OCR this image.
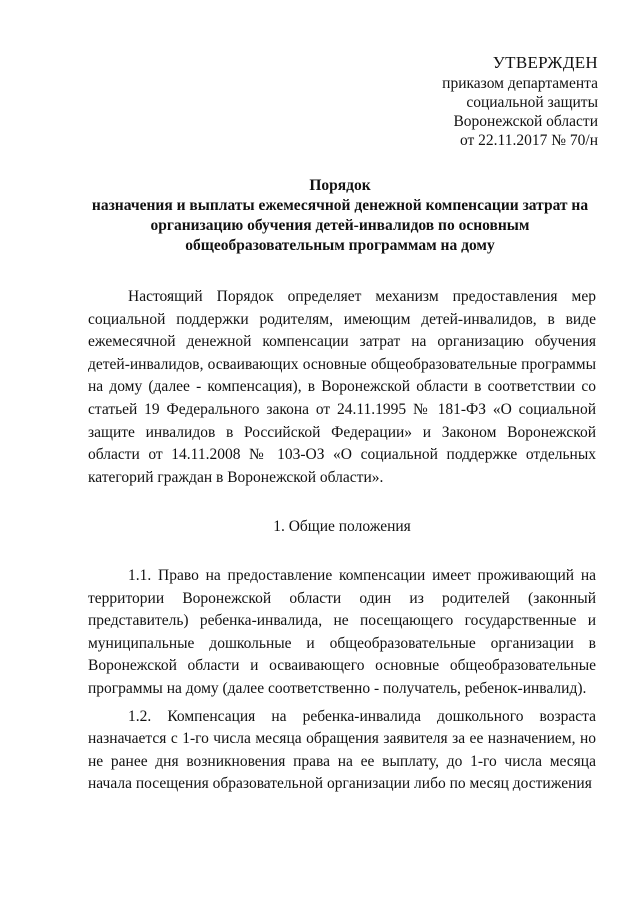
УТВЕРЖДЕН
приказом департамента
социальной защиты
Воронежской области
от 22.11.2017 № 70/н
Порядок
назначения и выплаты ежемесячной денежной компенсации затрат на
организацию обучения детей-инвалидов по основным
общеобразовательным программам на дому

Настоящий Порядок определяет механизм предоставления мер социальной поддержки родителям, имеющим детей-инвалидов, в виде ежемесячной денежной компенсации затрат на организацию обучения детей-инвалидов, осваивающих основные общеобразовательные программы на дому (далее - компенсация), в Воронежской области в соответствии со статьей 19 Федерального закона от 24.11.1995 № 181-ФЗ «О социальной защите инвалидов в Российской Федерации» и Законом Воронежской области от 14.11.2008 № 103-ОЗ «О социальной поддержке отдельных категорий граждан в Воронежской области».

1. Общие положения

1.1. Право на предоставление компенсации имеет проживающий на территории Воронежской области один из родителей (законный представитель) ребенка-инвалида, не посещающего государственные и муниципальные дошкольные и общеобразовательные организации в Воронежской области и осваивающего основные общеобразовательные программы на дому (далее соответственно - получатель, ребенок-инвалид).

1.2. Компенсация на ребенка-инвалида дошкольного возраста назначается с 1-го числа месяца обращения заявителя за ее назначением, но не ранее дня возникновения права на ее выплату, до 1-го числа месяца начала посещения образовательной организации либо по месяц достижения
